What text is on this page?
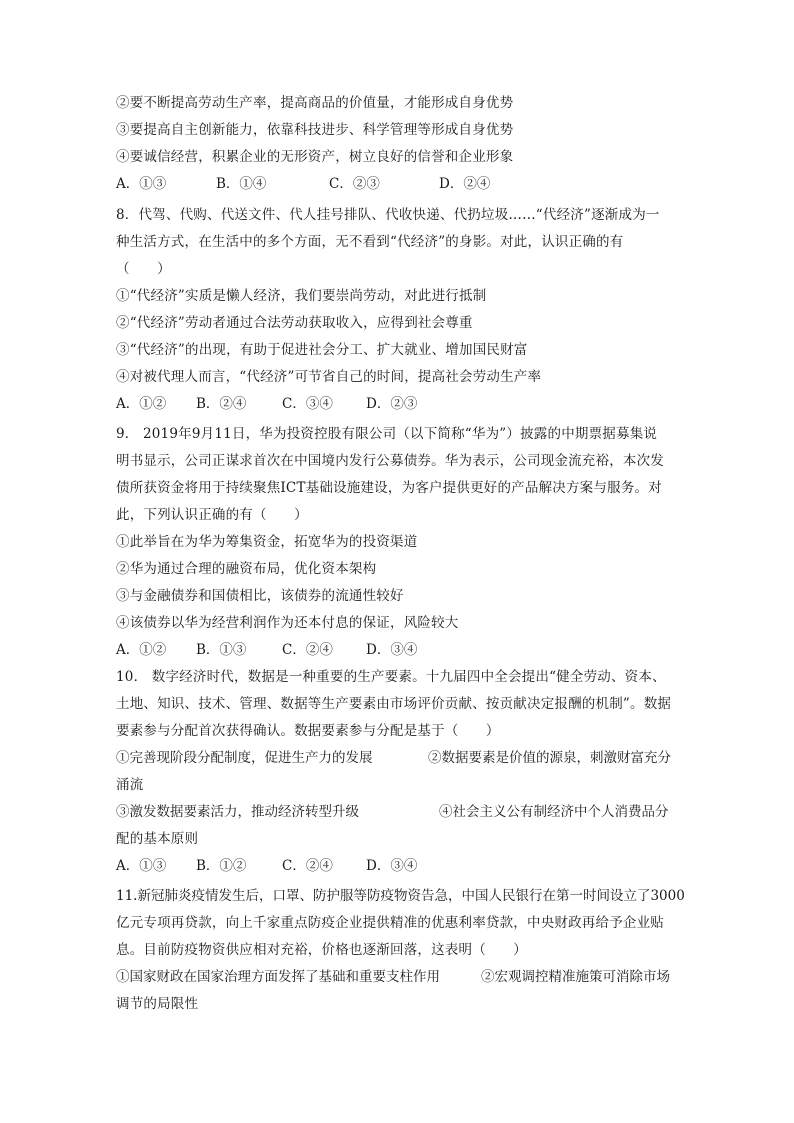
②要不断提高劳动生产率，提高商品的价值量，才能形成自身优势
③要提高自主创新能力，依靠科技进步、科学管理等形成自身优势
④要诚信经营，积累企业的无形资产，树立良好的信誉和企业形象
A．①③	B．①④	C．②③	D．②④
8．代驾、代购、代送文件、代人挂号排队、代收快递、代扔垃圾……“代经济”逐渐成为一
种生活方式，在生活中的多个方面，无不看到“代经济”的身影。对此，认识正确的有
（　　）
①“代经济”实质是懒人经济，我们要崇尚劳动，对此进行抵制
②“代经济”劳动者通过合法劳动获取收入，应得到社会尊重
③“代经济”的出现，有助于促进社会分工、扩大就业、增加国民财富
④对被代理人而言，“代经济”可节省自己的时间，提高社会劳动生产率
A．①② B．②④	C．③④ D．②③
9． 2019年9月11日，华为投资控股有限公司（以下简称“华为”）披露的中期票据募集说
明书显示，公司正谋求首次在中国境内发行公募债券。华为表示，公司现金流充裕，本次发
债所获资金将用于持续聚焦ICT基础设施建设，为客户提供更好的产品解决方案与服务。对
此，下列认识正确的有（　　）
①此举旨在为华为筹集资金，拓宽华为的投资渠道
②华为通过合理的融资布局，优化资本架构
③与金融债券和国债相比，该债券的流通性较好
④该债券以华为经营利润作为还本付息的保证，风险较大
A．①② B．①③	C．②④ D．③④
10． 数字经济时代，数据是一种重要的生产要素。十九届四中全会提出“健全劳动、资本、
土地、知识、技术、管理、数据等生产要素由市场评价贡献、按贡献决定报酬的机制”。数据
要素参与分配首次获得确认。数据要素参与分配是基于（　　）
①完善现阶段分配制度，促进生产力的发展	②数据要素是价值的源泉，刺激财富充分
涌流
③激发数据要素活力，推动经济转型升级	④社会主义公有制经济中个人消费品分
配的基本原则
A．①③ B．①②	C．②④ D．③④
11.新冠肺炎疫情发生后，口罩、防护服等防疫物资告急，中国人民银行在第一时间设立了3000
亿元专项再贷款，向上千家重点防疫企业提供精准的优惠利率贷款，中央财政再给予企业贴
息。目前防疫物资供应相对充裕，价格也逐渐回落，这表明（　　）
①国家财政在国家治理方面发挥了基础和重要支柱作用	②宏观调控精准施策可消除市场
调节的局限性
